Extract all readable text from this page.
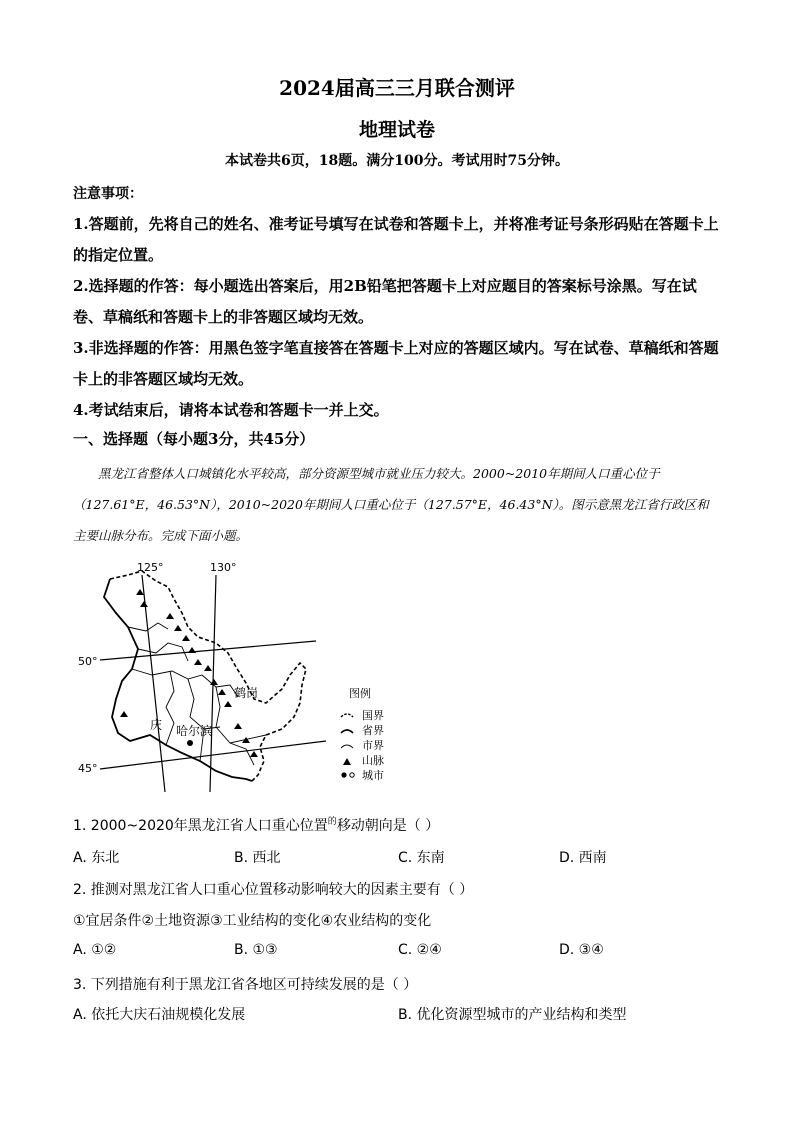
2024届高三三月联合测评
地理试卷
本试卷共6页，18题。满分100分。考试用时75分钟。
注意事项：

1.答题前，先将自己的姓名、准考证号填写在试卷和答题卡上，并将准考证号条形码贴在答题卡上的指定位置。

2.选择题的作答：每小题选出答案后，用2B铅笔把答题卡上对应题目的答案标号涂黑。写在试卷、草稿纸和答题卡上的非答题区域均无效。

3.非选择题的作答：用黑色签字笔直接答在答题卡上对应的答题区域内。写在试卷、草稿纸和答题卡上的非答题区域均无效。

4.考试结束后，请将本试卷和答题卡一并上交。

一、选择题（每小题3分，共45分）
黑龙江省整体人口城镇化水平较高，部分资源型城市就业压力较大。2000~2010年期间人口重心位于
（127.61°E，46.53°N），2010~2020年期间人口重心位于（127.57°E，46.43°N）。图示意黑龙江省行政区和
主要山脉分布。完成下面小题。
125°	130°
50°
45°
哈尔滨
鹤岗
庆
图例
国界
省界
市界
山脉
城市
1. 2000~2020年黑龙江省人口重心位置$^的$移动朝向是（ ）
A. 东北	B. 西北	C. 东南	D. 西南
2. 推测对黑龙江省人口重心位置移动影响较大的因素主要有（ ）
①宜居条件②土地资源③工业结构的变化④农业结构的变化
A. ①②	B. ①③	C. ②④	D. ③④
3. 下列措施有利于黑龙江省各地区可持续发展的是（ ）
A. 依托大庆石油规模化发展	B. 优化资源型城市的产业结构和类型
